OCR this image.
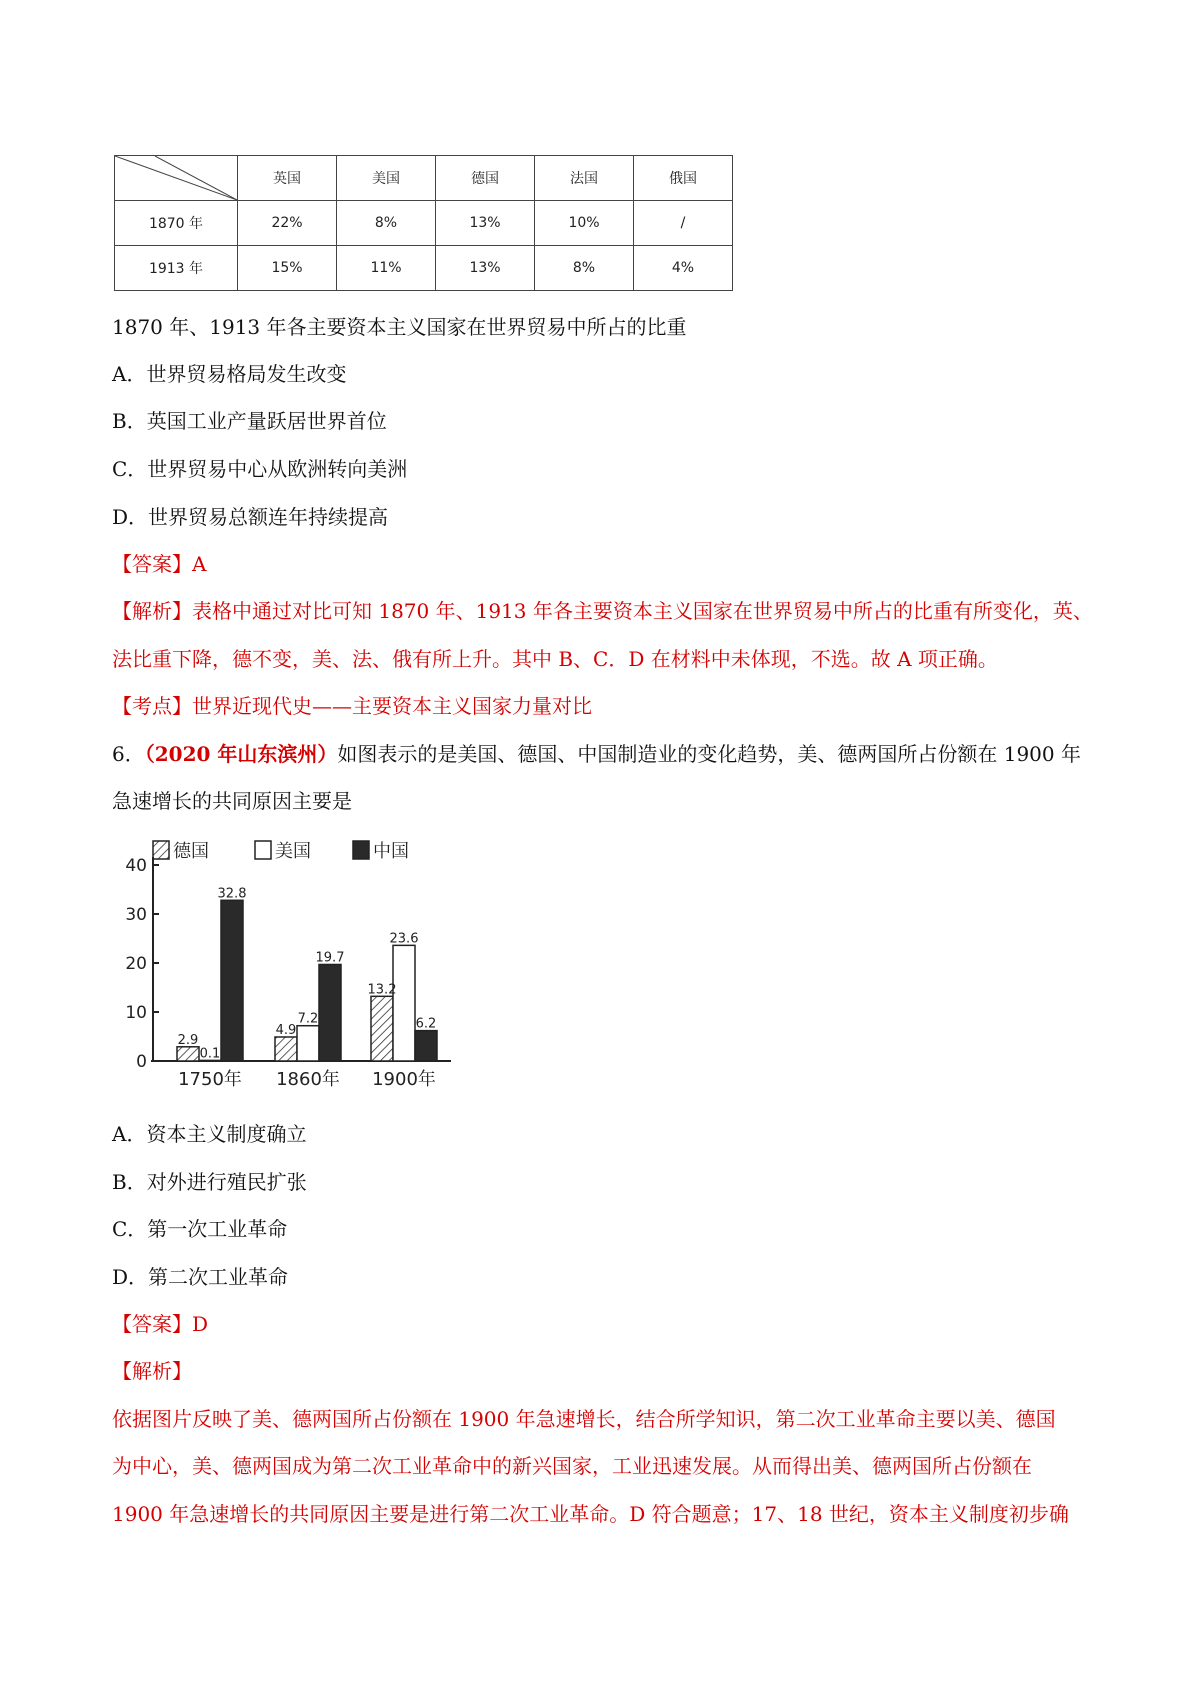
	英国	美国	德国	法国	俄国
1870 年	22%	8%	13%	10%	/
1913 年	15%	11%	13%	8%	4%
1870 年、1913 年各主要资本主义国家在世界贸易中所占的比重
A．世界贸易格局发生改变
B．英国工业产量跃居世界首位
C．世界贸易中心从欧洲转向美洲
D．世界贸易总额连年持续提高
【答案】A
【解析】表格中通过对比可知 1870 年、1913 年各主要资本主义国家在世界贸易中所占的比重有所变化，英、
法比重下降，德不变，美、法、俄有所上升。其中 B、C．D 在材料中未体现，不选。故 A 项正确。
【考点】世界近现代史——主要资本主义国家力量对比
6．（2020 年山东滨州）如图表示的是美国、德国、中国制造业的变化趋势，美、德两国所占份额在 1900 年
急速增长的共同原因主要是
德国	美国	中国
0
10
20
30
40
2.9
0.1
32.8
1750年
4.9
7.2
19.7
1860年
13.2
23.6
6.2
1900年
A．资本主义制度确立
B．对外进行殖民扩张
C．第一次工业革命
D．第二次工业革命
【答案】D
【解析】
依据图片反映了美、德两国所占份额在 1900 年急速增长，结合所学知识，第二次工业革命主要以美、德国
为中心，美、德两国成为第二次工业革命中的新兴国家，工业迅速发展。从而得出美、德两国所占份额在
1900 年急速增长的共同原因主要是进行第二次工业革命。D 符合题意；17、18 世纪，资本主义制度初步确
